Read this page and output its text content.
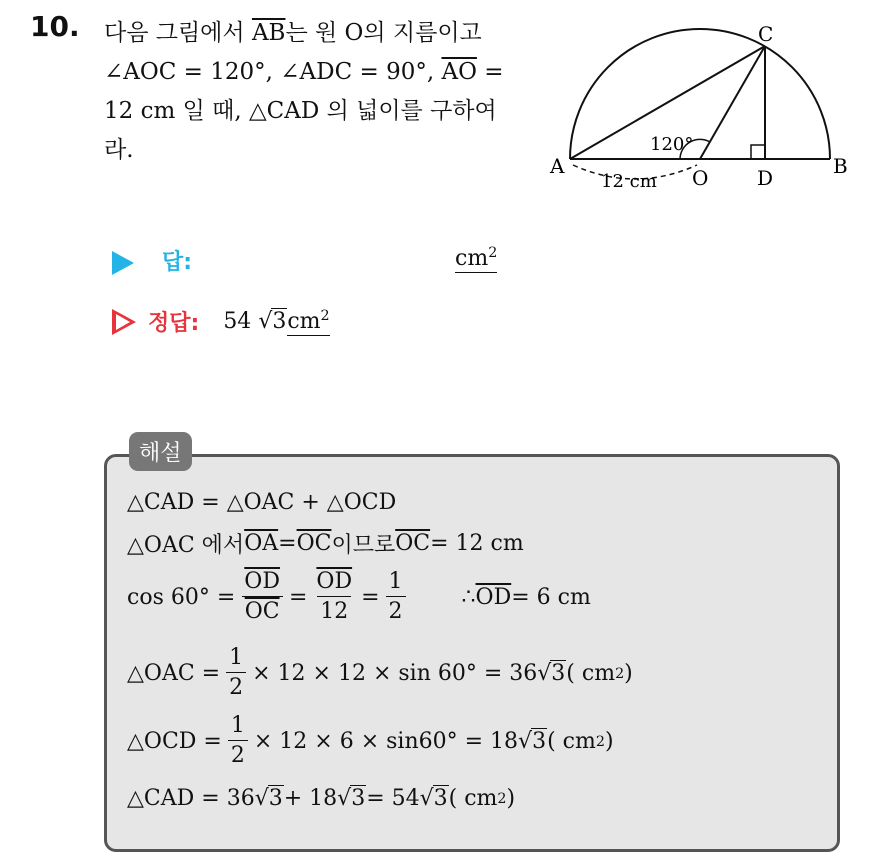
10. 다음 그림에서 $\overline{AB}$는 원 O의 지름이고
∠AOC = 120°, ∠ADC = 90°, $\overline{AO}$ =
12 cm 일 때, △CAD 의 넓이를 구하여
라.
A	B
C
O D
120°
12 cm
답:	$cm^2$
정답: 54 $√3cm^2$
해설
△CAD = △OAC + △OCD
△OAC 에서 $\overline{OA} = \overline{OC}$ 이므로 $\overline{OC} = 12$ cm
$\cos 60^\circ = \frac{\overline{OD}}{OC} = \frac{\overline{OD}}{12} = \frac{1}{2}$	∴ $\overline{OD} = 6$ cm
△OAC = $\frac{1}{2} \times 12 \times 12 \times \sin 60^\circ = 36$ √3 ( cm 2 )
△OCD = $\frac{1}{2} \times 12 \times 6 \times \sin 60^\circ = 18$ √3 ( cm 2 )
△CAD = 36 √3 + 18 √3 = 54 √3 ( cm 2 )
